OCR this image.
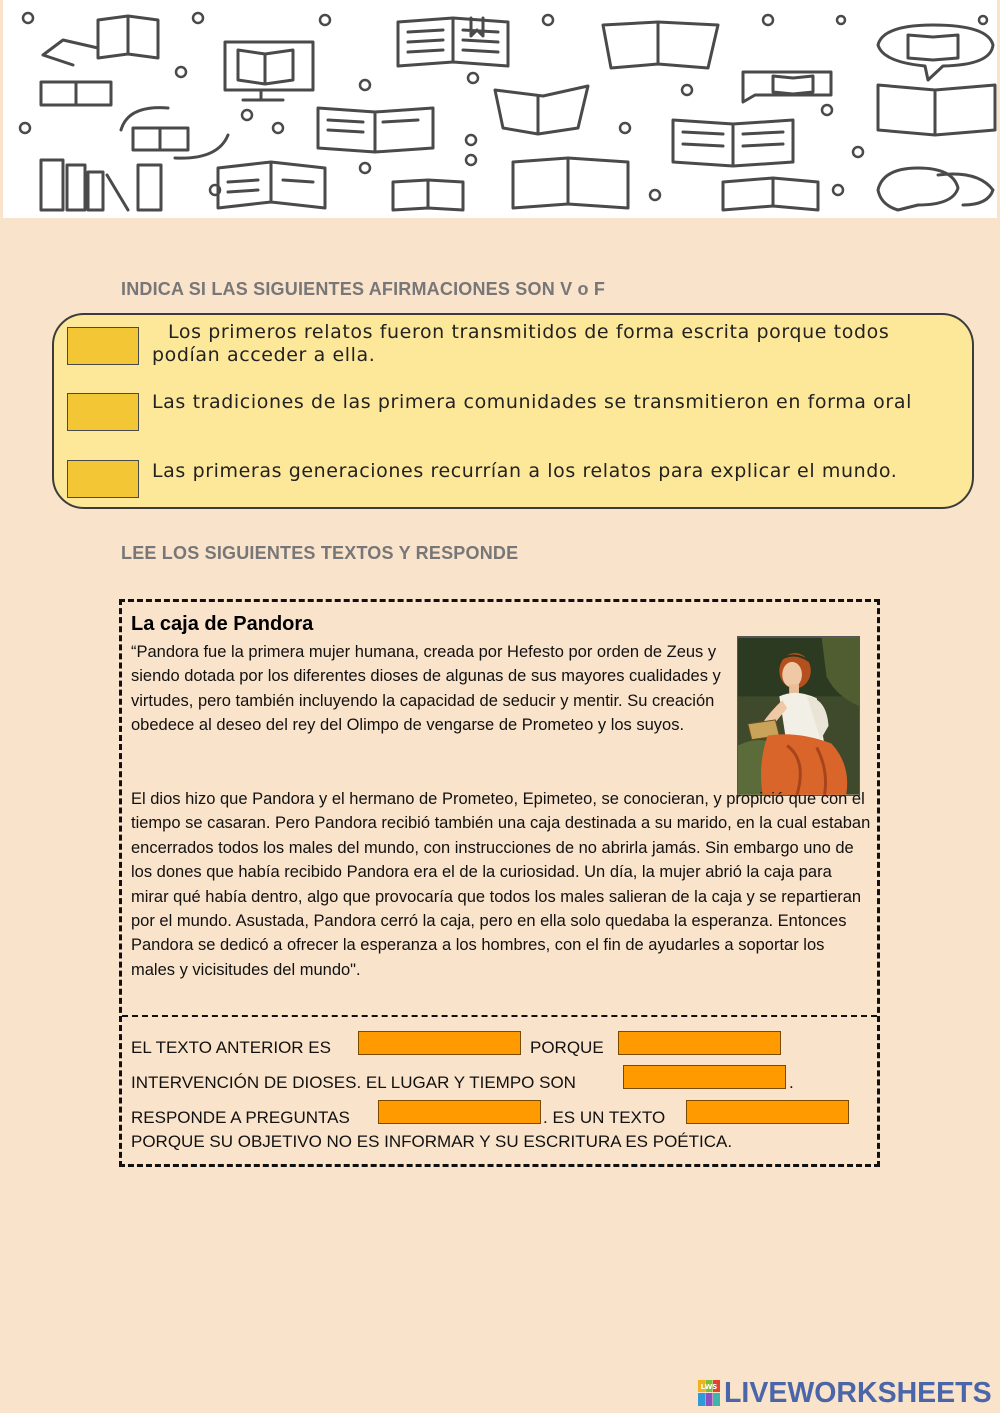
INDICA SI LAS SIGUIENTES AFIRMACIONES SON V o F

Los primeros relatos fueron transmitidos de forma escrita porque todos podían acceder a ella.

Las tradiciones de las primera comunidades se transmitieron en forma oral

Las primeras generaciones recurrían a los relatos para explicar el mundo.

LEE LOS SIGUIENTES TEXTOS Y RESPONDE
La caja de Pandora

“Pandora fue la primera mujer humana, creada por Hefesto por orden de Zeus y siendo dotada por los diferentes dioses de algunas de sus mayores cualidades y virtudes, pero también incluyendo la capacidad de seducir y mentir. Su creación obedece al deseo del rey del Olimpo de vengarse de Prometeo y los suyos.

El dios hizo que Pandora y el hermano de Prometeo, Epimeteo, se conocieran, y propició que con el tiempo se casaran. Pero Pandora recibió también una caja destinada a su marido, en la cual estaban encerrados todos los males del mundo, con instrucciones de no abrirla jamás. Sin embargo uno de los dones que había recibido Pandora era el de la curiosidad. Un día, la mujer abrió la caja para mirar qué había dentro, algo que provocaría que todos los males salieran de la caja y se repartieran por el mundo. Asustada, Pandora cerró la caja, pero en ella solo quedaba la esperanza. Entonces Pandora se dedicó a ofrecer la esperanza a los hombres, con el fin de ayudarles a soportar los males y vicisitudes del mundo".

EL TEXTO ANTERIOR ES	PORQUE

INTERVENCIÓN DE DIOSES. EL LUGAR Y TIEMPO SON	.

RESPONDE A PREGUNTAS	. ES UN TEXTO

PORQUE SU OBJETIVO NO ES INFORMAR Y SU ESCRITURA ES POÉTICA.

LWS LIVEWORKSHEETS
